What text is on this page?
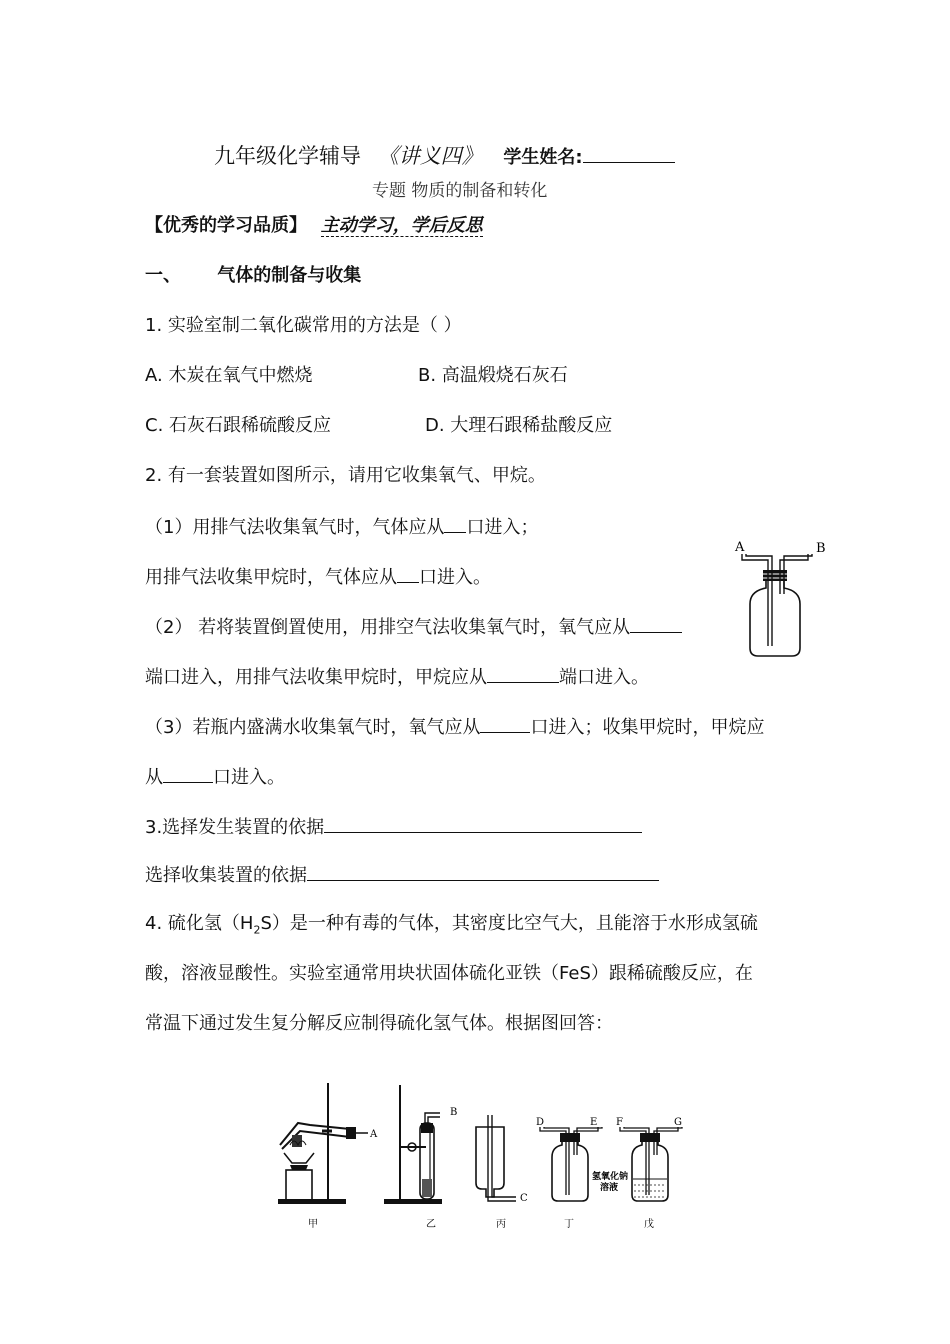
九年级化学辅导 《讲义四》 学生姓名:
专题 物质的制备和转化
【优秀的学习品质】 主动学习，学后反思
一、 气体的制备与收集
1. 实验室制二氧化碳常用的方法是（ ）
A. 木炭在氧气中燃烧	B. 高温煅烧石灰石
C. 石灰石跟稀硫酸反应	D. 大理石跟稀盐酸反应
2. 有一套装置如图所示，请用它收集氧气、甲烷。
（1）用排气法收集氧气时，气体应从 口进入；
用排气法收集甲烷时，气体应从 口进入。
（2） 若将装置倒置使用，用排空气法收集氧气时，氧气应从
端口进入，用排气法收集甲烷时，甲烷应从	端口进入。
（3）若瓶内盛满水收集氧气时，氧气应从	口进入；收集甲烷时，甲烷应
从	口进入。
A	B
3.选择发生装置的依据
选择收集装置的依据
4. 硫化氢$(H_2S)$是一种有毒的气体，其密度比空气大，且能溶于水形成氢硫
酸，溶液显酸性。实验室通常用块状固体硫化亚铁（FeS）跟稀硫酸反应，在
常温下通过发生复分解反应制得硫化氢气体。根据图回答：
A
甲
B
乙
C
丙
D	E
丁
F	G
氢氧化钠
溶液
戊
